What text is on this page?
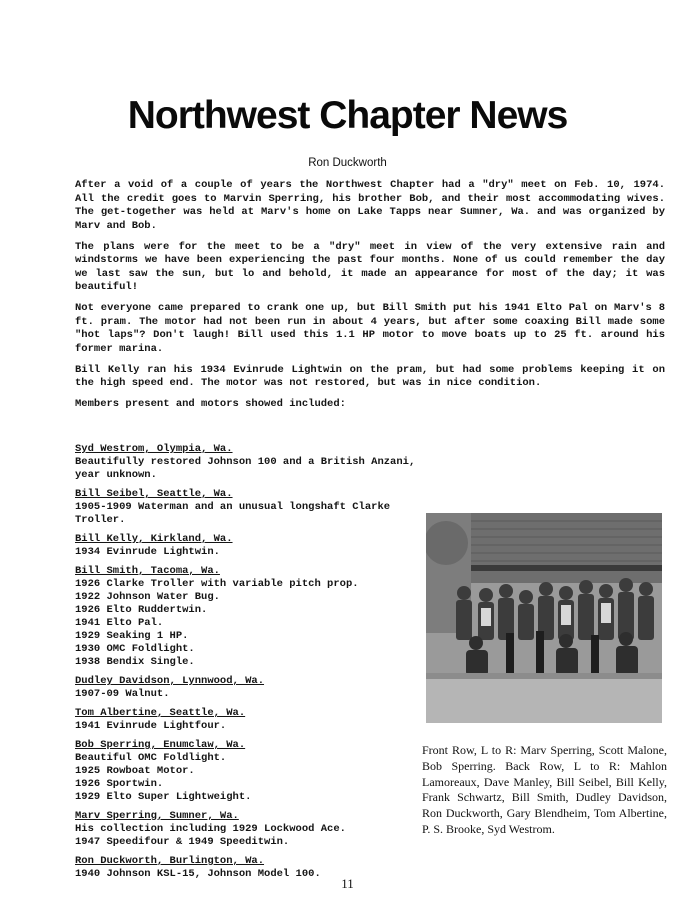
Northwest Chapter News
Ron Duckworth

After a void of a couple of years the Northwest Chapter had a "dry" meet on Feb. 10, 1974. All the credit goes to Marvin Sperring, his brother Bob, and their most accommodating wives. The get-together was held at Marv's home on Lake Tapps near Sumner, Wa. and was organized by Marv and Bob.

The plans were for the meet to be a "dry" meet in view of the very extensive rain and windstorms we have been experiencing the past four months. None of us could remember the day we last saw the sun, but lo and behold, it made an appearance for most of the day; it was beautiful!

Not everyone came prepared to crank one up, but Bill Smith put his 1941 Elto Pal on Marv's 8 ft. pram. The motor had not been run in about 4 years, but after some coaxing Bill made some "hot laps"? Don't laugh! Bill used this 1.1 HP motor to move boats up to 25 ft. around his former marina.

Bill Kelly ran his 1934 Evinrude Lightwin on the pram, but had some problems keeping it on the high speed end. The motor was not restored, but was in nice condition.

Members present and motors showed included:

Syd Westrom, Olympia, Wa.
Beautifully restored Johnson 100 and a British Anzani, year unknown.
Bill Seibel, Seattle, Wa.
1905-1909 Waterman and an unusual longshaft Clarke Troller.
Bill Kelly, Kirkland, Wa.
1934 Evinrude Lightwin.
Bill Smith, Tacoma, Wa.
1926 Clarke Troller with variable pitch prop.
1922 Johnson Water Bug.
1926 Elto Ruddertwin.
1941 Elto Pal.
1929 Seaking 1 HP.
1930 OMC Foldlight.
1938 Bendix Single.
Dudley Davidson, Lynnwood, Wa.
1907-09 Walnut.
Tom Albertine, Seattle, Wa.
1941 Evinrude Lightfour.
Bob Sperring, Enumclaw, Wa.
Beautiful OMC Foldlight.
1925 Rowboat Motor.
1926 Sportwin.
1929 Elto Super Lightweight.
Marv Sperring, Sumner, Wa.
His collection including 1929 Lockwood Ace.
1947 Speedifour & 1949 Speeditwin.
Ron Duckworth, Burlington, Wa.
1940 Johnson KSL-15, Johnson Model 100.
Front Row, L to R: Marv Sperring, Scott Malone, Bob Sperring. Back Row, L to R: Mahlon Lamoreaux, Dave Manley, Bill Seibel, Bill Kelly, Frank Schwartz, Bill Smith, Dudley Davidson, Ron Duckworth, Gary Blendheim, Tom Albertine, P. S. Brooke, Syd Westrom.
11
